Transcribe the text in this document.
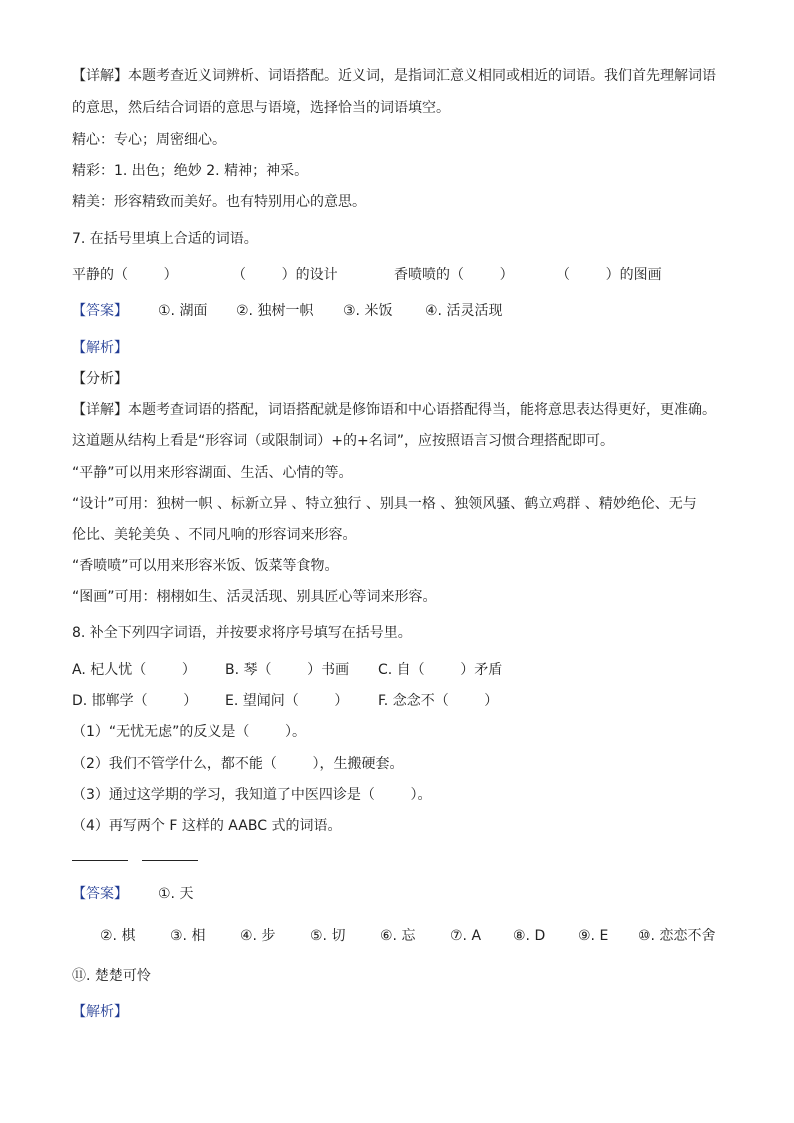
【详解】本题考查近义词辨析、词语搭配。近义词，是指词汇意义相同或相近的词语。我们首先理解词语
的意思，然后结合词语的意思与语境，选择恰当的词语填空。
精心：专心；周密细心。
精彩：1. 出色；绝妙 2. 精神；神采。
精美：形容精致而美好。也有特别用心的意思。
7. 在括号里填上合适的词语。
平静的（        ）	（        ）的设计	香喷喷的（        ）	（        ）的图画
【答案】 ①. 湖面 ②. 独树一帜 ③. 米饭 ④. 活灵活现
【解析】
【分析】
【详解】本题考查词语的搭配，词语搭配就是修饰语和中心语搭配得当，能将意思表达得更好，更准确。
这道题从结构上看是“形容词（或限制词）+的+名词”，应按照语言习惯合理搭配即可。
“平静”可以用来形容湖面、生活、心情的等。
“设计”可用：独树一帜 、标新立异 、特立独行 、别具一格 、独领风骚、鹤立鸡群 、精妙绝伦、无与
伦比、美轮美奂 、不同凡响的形容词来形容。
“香喷喷”可以用来形容米饭、饭菜等食物。
“图画”可用：栩栩如生、活灵活现、别具匠心等词来形容。
8. 补全下列四字词语，并按要求将序号填写在括号里。
A. 杞人忧（        ） B. 琴（        ）书画 C. 自（        ）矛盾
D. 邯郸学（        ） E. 望闻问（        ） F. 念念不（        ）
（1）“无忧无虑”的反义是（        ）。
（2）我们不管学什么，都不能（        ），生搬硬套。
（3）通过这学期的学习，我知道了中医四诊是（        ）。
（4）再写两个 F 这样的 AABC 式的词语。
【答案】 ①. 天
②. 棋 ③. 相 ④. 步 ⑤. 切 ⑥. 忘 ⑦. A ⑧. D ⑨. E ⑩. 恋恋不舍
⑪. 楚楚可怜
【解析】
